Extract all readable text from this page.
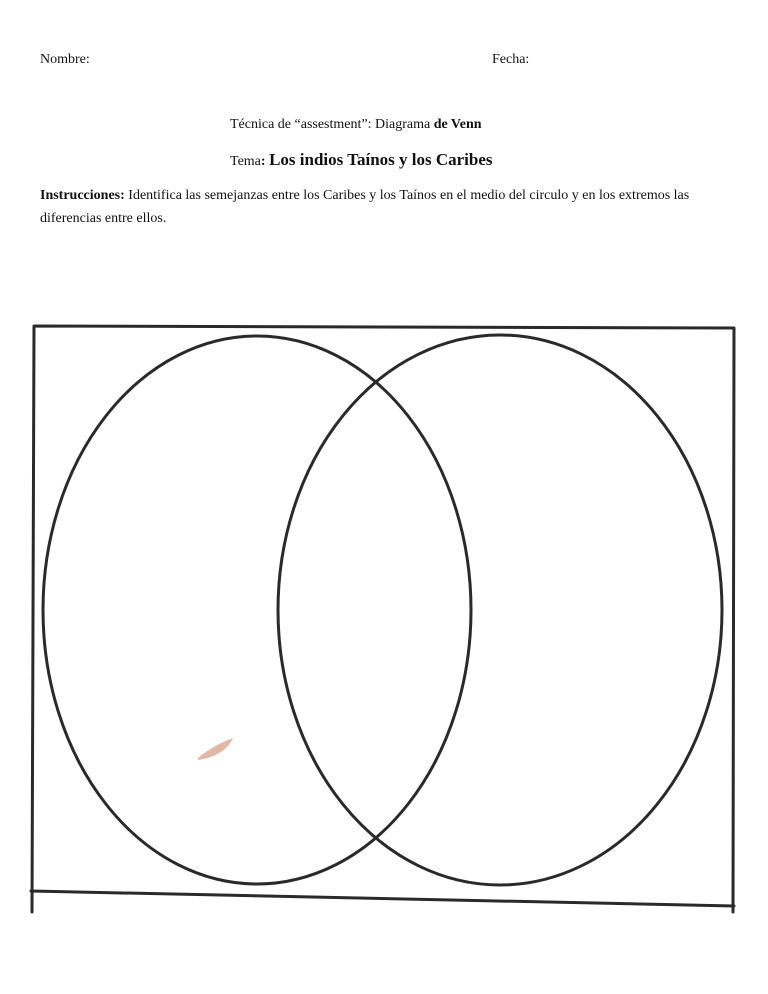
Nombre:	Fecha:
Técnica de “assestment”: Diagrama de Venn
Tema: Los indios Taínos y los Caribes
Instrucciones: Identifica las semejanzas entre los Caribes y los Taínos en el medio del circulo y en los extremos las diferencias entre ellos.
